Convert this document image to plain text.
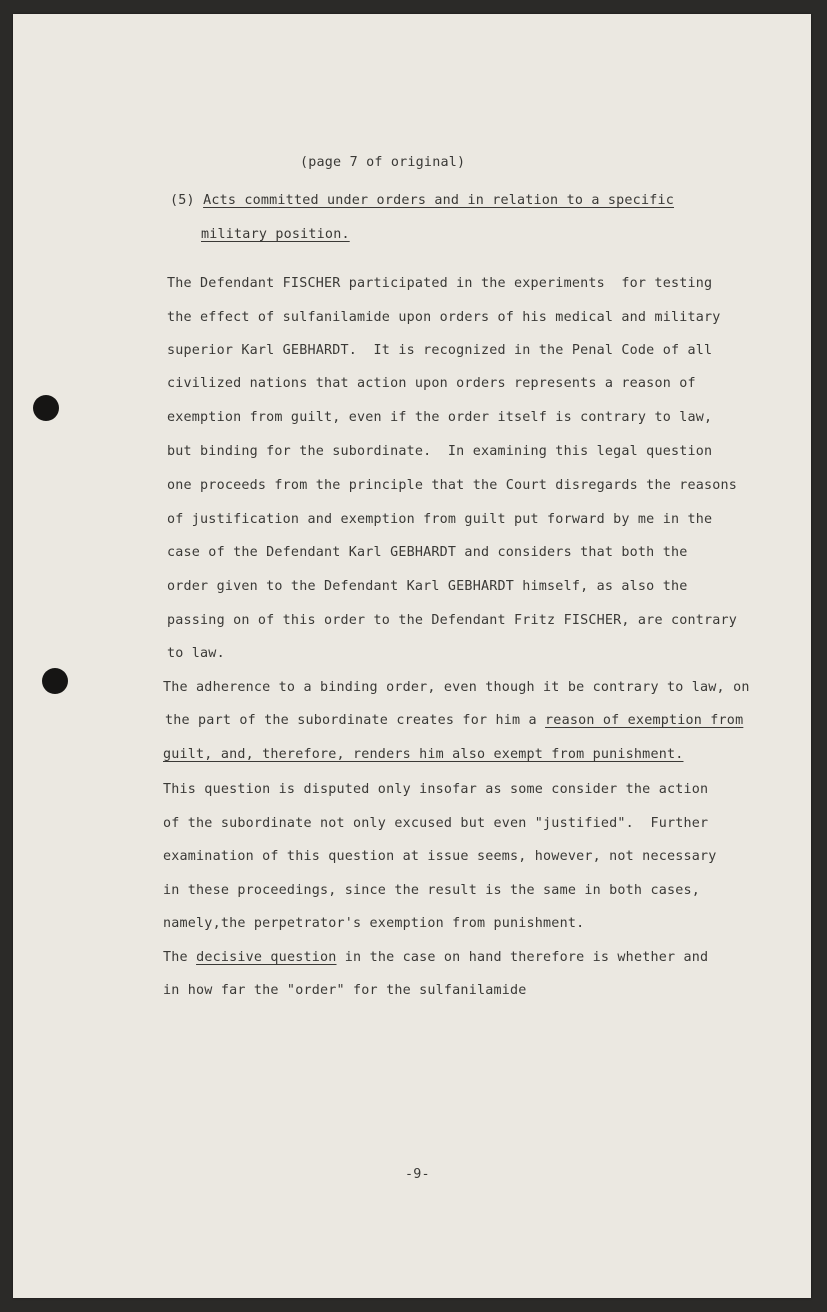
(page 7 of original)
(5) Acts committed under orders and in relation to a specific
military position.
The Defendant FISCHER participated in the experiments  for testing
the effect of sulfanilamide upon orders of his medical and military
superior Karl GEBHARDT.  It is recognized in the Penal Code of all
civilized nations that action upon orders represents a reason of
exemption from guilt, even if the order itself is contrary to law,
but binding for the subordinate.  In examining this legal question
one proceeds from the principle that the Court disregards the reasons
of justification and exemption from guilt put forward by me in the
case of the Defendant Karl GEBHARDT and considers that both the
order given to the Defendant Karl GEBHARDT himself, as also the
passing on of this order to the Defendant Fritz FISCHER, are contrary
to law.
The adherence to a binding order, even though it be contrary to law, on
the part of the subordinate creates for him a reason of exemption from
guilt, and, therefore, renders him also exempt from punishment.
This question is disputed only insofar as some consider the action
of the subordinate not only excused but even "justified".  Further
examination of this question at issue seems, however, not necessary
in these proceedings, since the result is the same in both cases,
namely,the perpetrator's exemption from punishment.
The decisive question in the case on hand therefore is whether and
in how far the "order" for the sulfanilamide
-9-
